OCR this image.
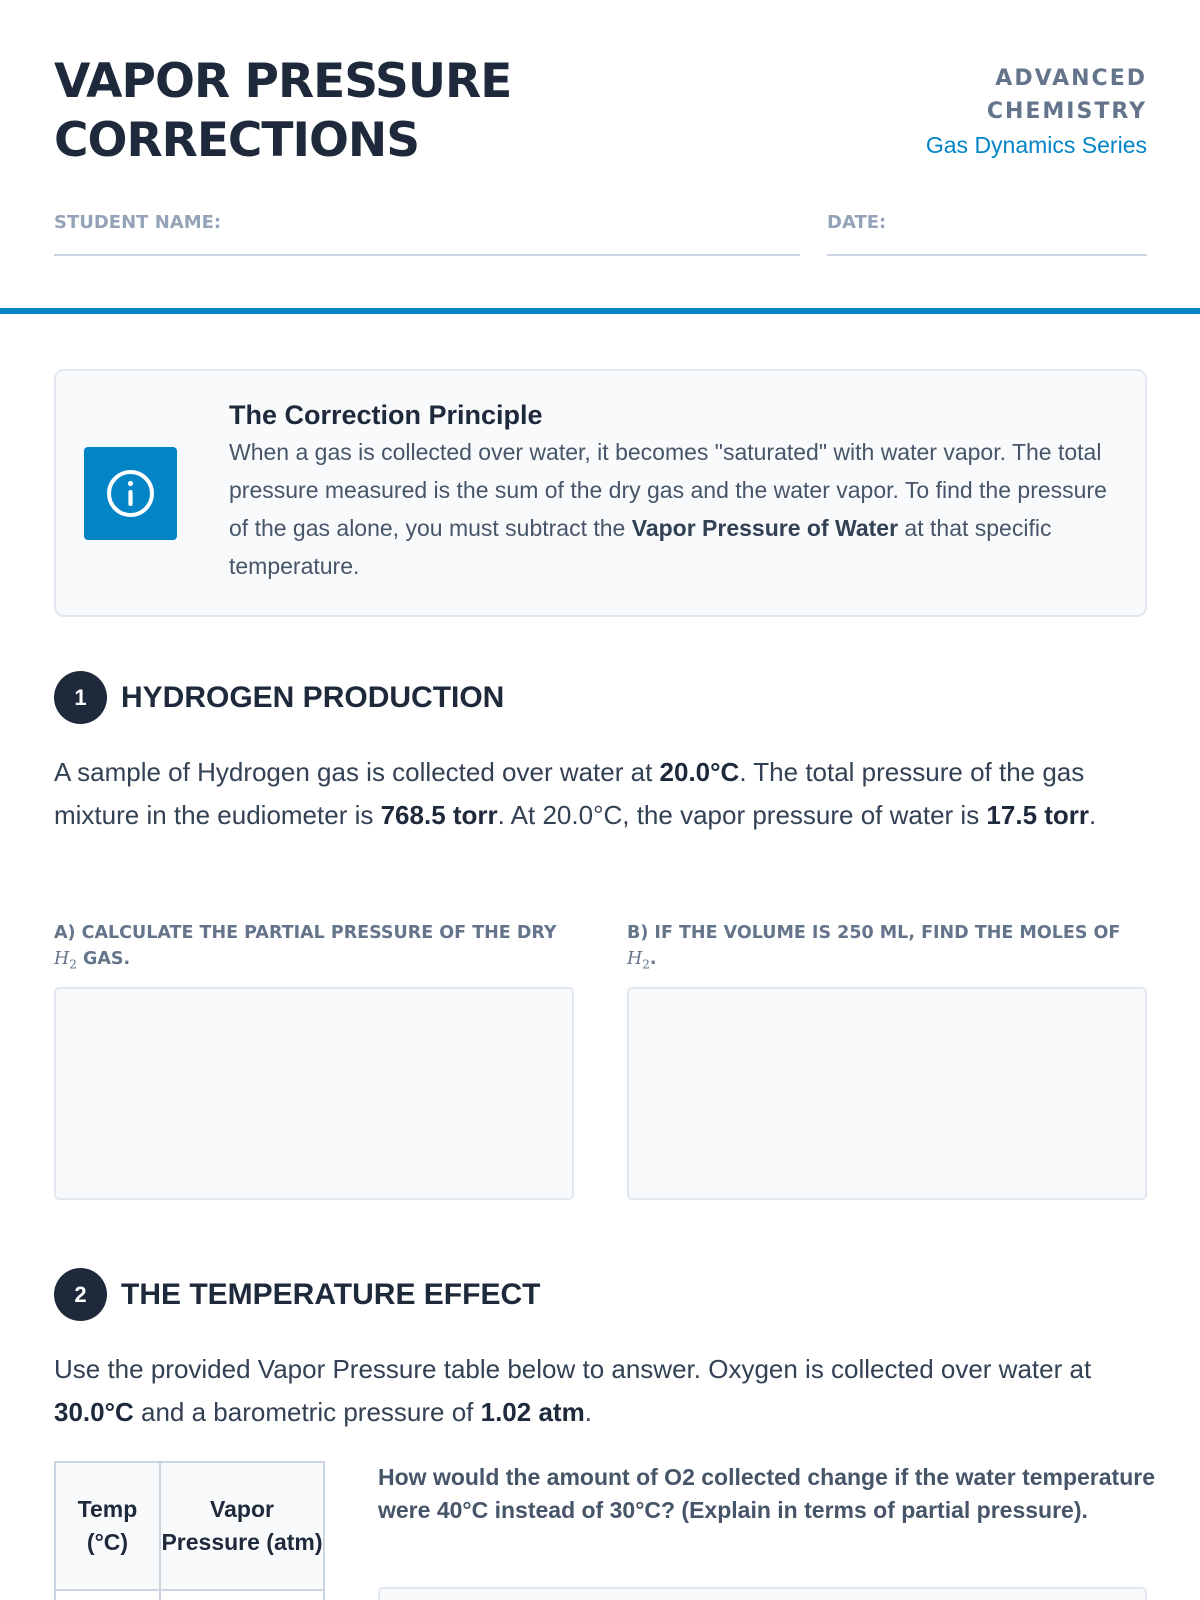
VAPOR PRESSURE
CORRECTIONS
ADVANCED
CHEMISTRY
Gas Dynamics Series
STUDENT NAME:	DATE:
The Correction Principle

When a gas is collected over water, it becomes "saturated" with water vapor. The total pressure measured is the sum of the dry gas and the water vapor. To find the pressure of the gas alone, you must subtract the Vapor Pressure of Water at that specific temperature.

1	HYDROGEN PRODUCTION

A sample of Hydrogen gas is collected over water at 20.0°C. The total pressure of the gas mixture in the eudiometer is 768.5 torr. At 20.0°C, the vapor pressure of water is 17.5 torr.

A) CALCULATE THE PARTIAL PRESSURE OF THE DRY
$H_2$ GAS.
B) IF THE VOLUME IS 250 ML, FIND THE MOLES OF
$H_2$.
2	THE TEMPERATURE EFFECT

Use the provided Vapor Pressure table below to answer. Oxygen is collected over water at 30.0°C and a barometric pressure of 1.02 atm.

Temp (°C)	Vapor Pressure (atm)

How would the amount of O2 collected change if the water temperature were 40°C instead of 30°C? (Explain in terms of partial pressure).
